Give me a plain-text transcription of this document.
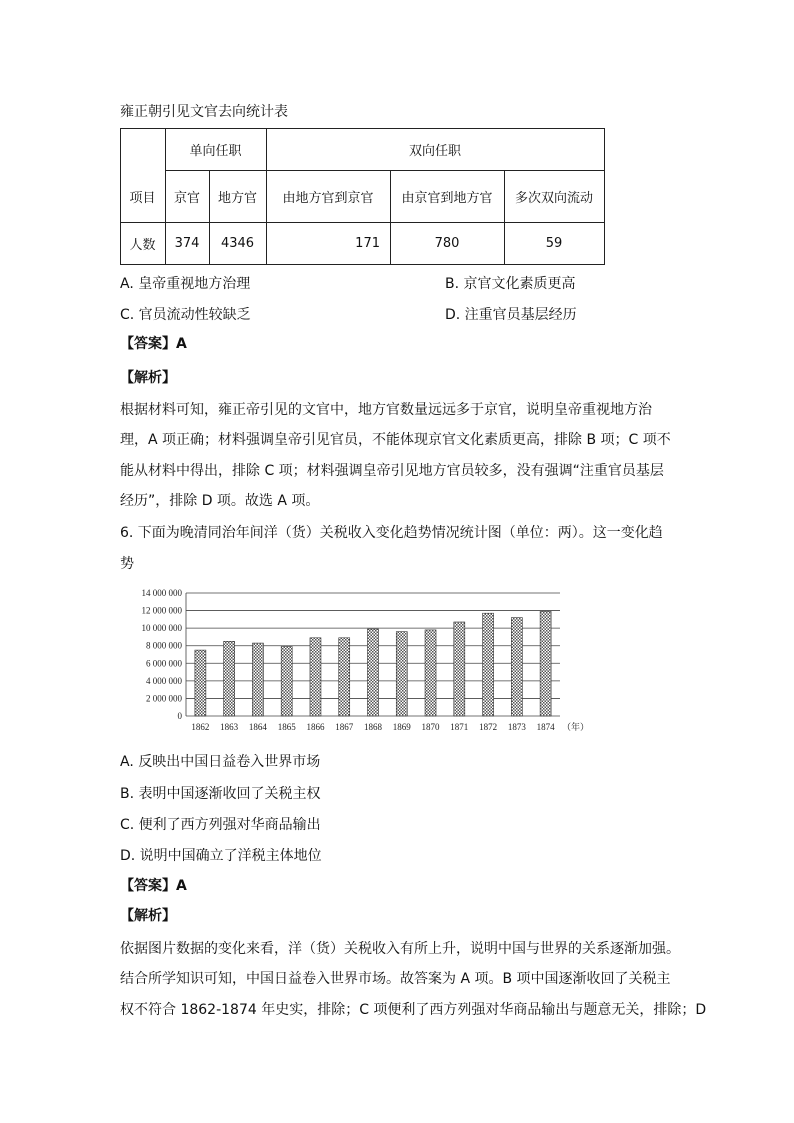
雍正朝引见文官去向统计表
单向任职	双向任职
项目	京官	地方官	由地方官到京官	由京官到地方官	多次双向流动
人数	374	4346	171	780	59
A. 皇帝重视地方治理	B. 京官文化素质更高
C. 官员流动性较缺乏	D. 注重官员基层经历
【答案】A
【解析】
根据材料可知，雍正帝引见的文官中，地方官数量远远多于京官，说明皇帝重视地方治
理，A 项正确；材料强调皇帝引见官员，不能体现京官文化素质更高，排除 B 项；C 项不
能从材料中得出，排除 C 项；材料强调皇帝引见地方官员较多，没有强调“注重官员基层
经历”，排除 D 项。故选 A 项。
6. 下面为晚清同治年间洋（货）关税收入变化趋势情况统计图（单位：两）。这一变化趋
势
0
2 000 000
4 000 000
6 000 000
8 000 000
10 000 000
12 000 000
14 000 000
1862 1863 1864 1865 1866 1867 1868 1869 1870 1871 1872 1873 1874 （年）
A. 反映出中国日益卷入世界市场
B. 表明中国逐渐收回了关税主权
C. 便利了西方列强对华商品输出
D. 说明中国确立了洋税主体地位
【答案】A
【解析】
依据图片数据的变化来看，洋（货）关税收入有所上升，说明中国与世界的关系逐渐加强。
结合所学知识可知，中国日益卷入世界市场。故答案为 A 项。B 项中国逐渐收回了关税主
权不符合 1862-1874 年史实，排除；C 项便利了西方列强对华商品输出与题意无关，排除；D
